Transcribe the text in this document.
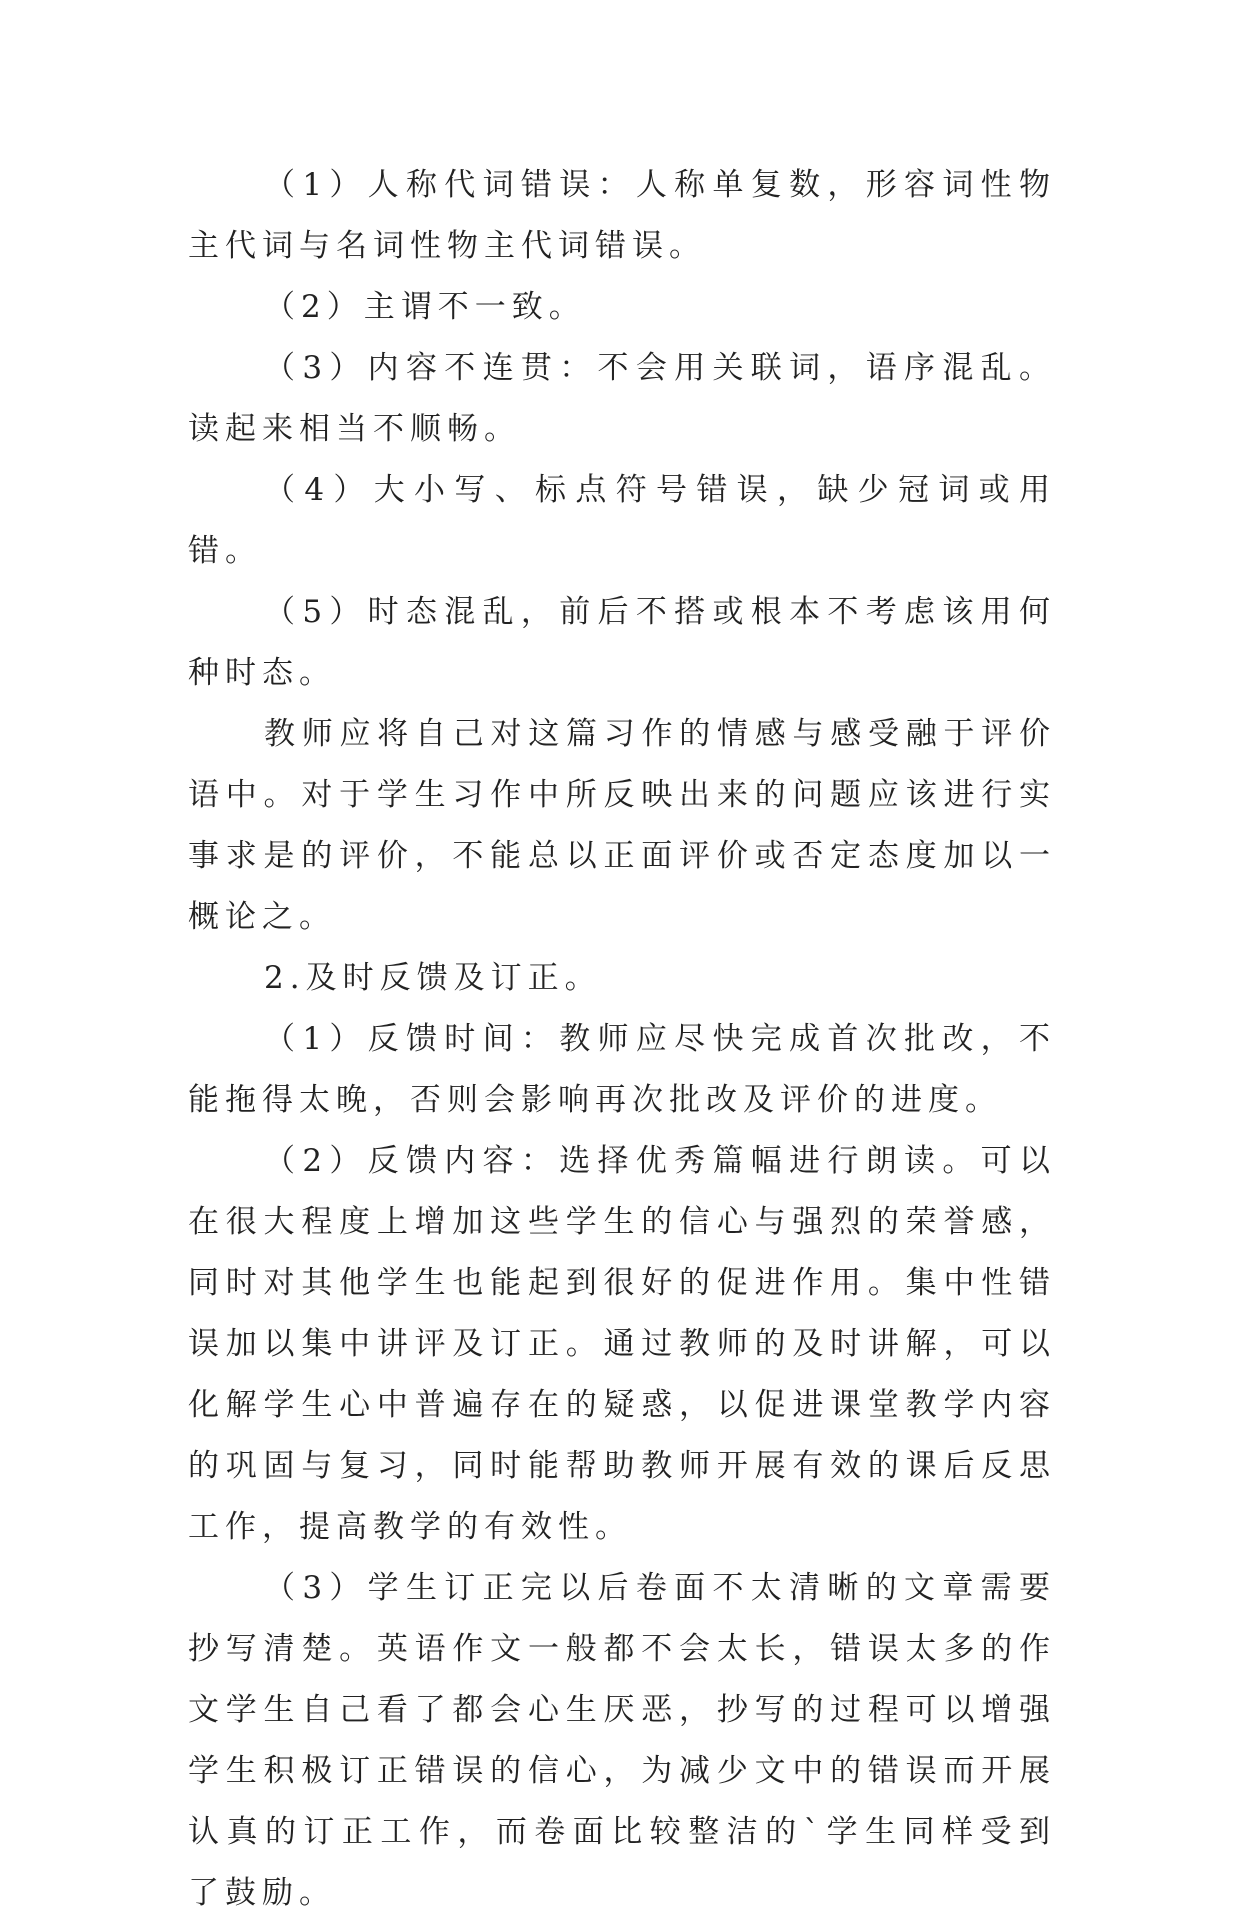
（1）人称代词错误：人称单复数，形容词性物主代词与名词性物主代词错误。

（2）主谓不一致。

（3）内容不连贯：不会用关联词，语序混乱。读起来相当不顺畅。

（4）大小写、标点符号错误，缺少冠词或用错。

（5）时态混乱，前后不搭或根本不考虑该用何种时态。

教师应将自己对这篇习作的情感与感受融于评价语中。对于学生习作中所反映出来的问题应该进行实事求是的评价，不能总以正面评价或否定态度加以一概论之。

2.及时反馈及订正。

（1）反馈时间：教师应尽快完成首次批改，不能拖得太晚，否则会影响再次批改及评价的进度。

（2）反馈内容：选择优秀篇幅进行朗读。可以在很大程度上增加这些学生的信心与强烈的荣誉感，同时对其他学生也能起到很好的促进作用。集中性错误加以集中讲评及订正。通过教师的及时讲解，可以化解学生心中普遍存在的疑惑，以促进课堂教学内容的巩固与复习，同时能帮助教师开展有效的课后反思工作，提高教学的有效性。

（3）学生订正完以后卷面不太清晰的文章需要抄写清楚。英语作文一般都不会太长，错误太多的作文学生自己看了都会心生厌恶，抄写的过程可以增强学生积极订正错误的信心，为减少文中的错误而开展认真的订正工作，而卷面比较整洁的`学生同样受到了鼓励。
